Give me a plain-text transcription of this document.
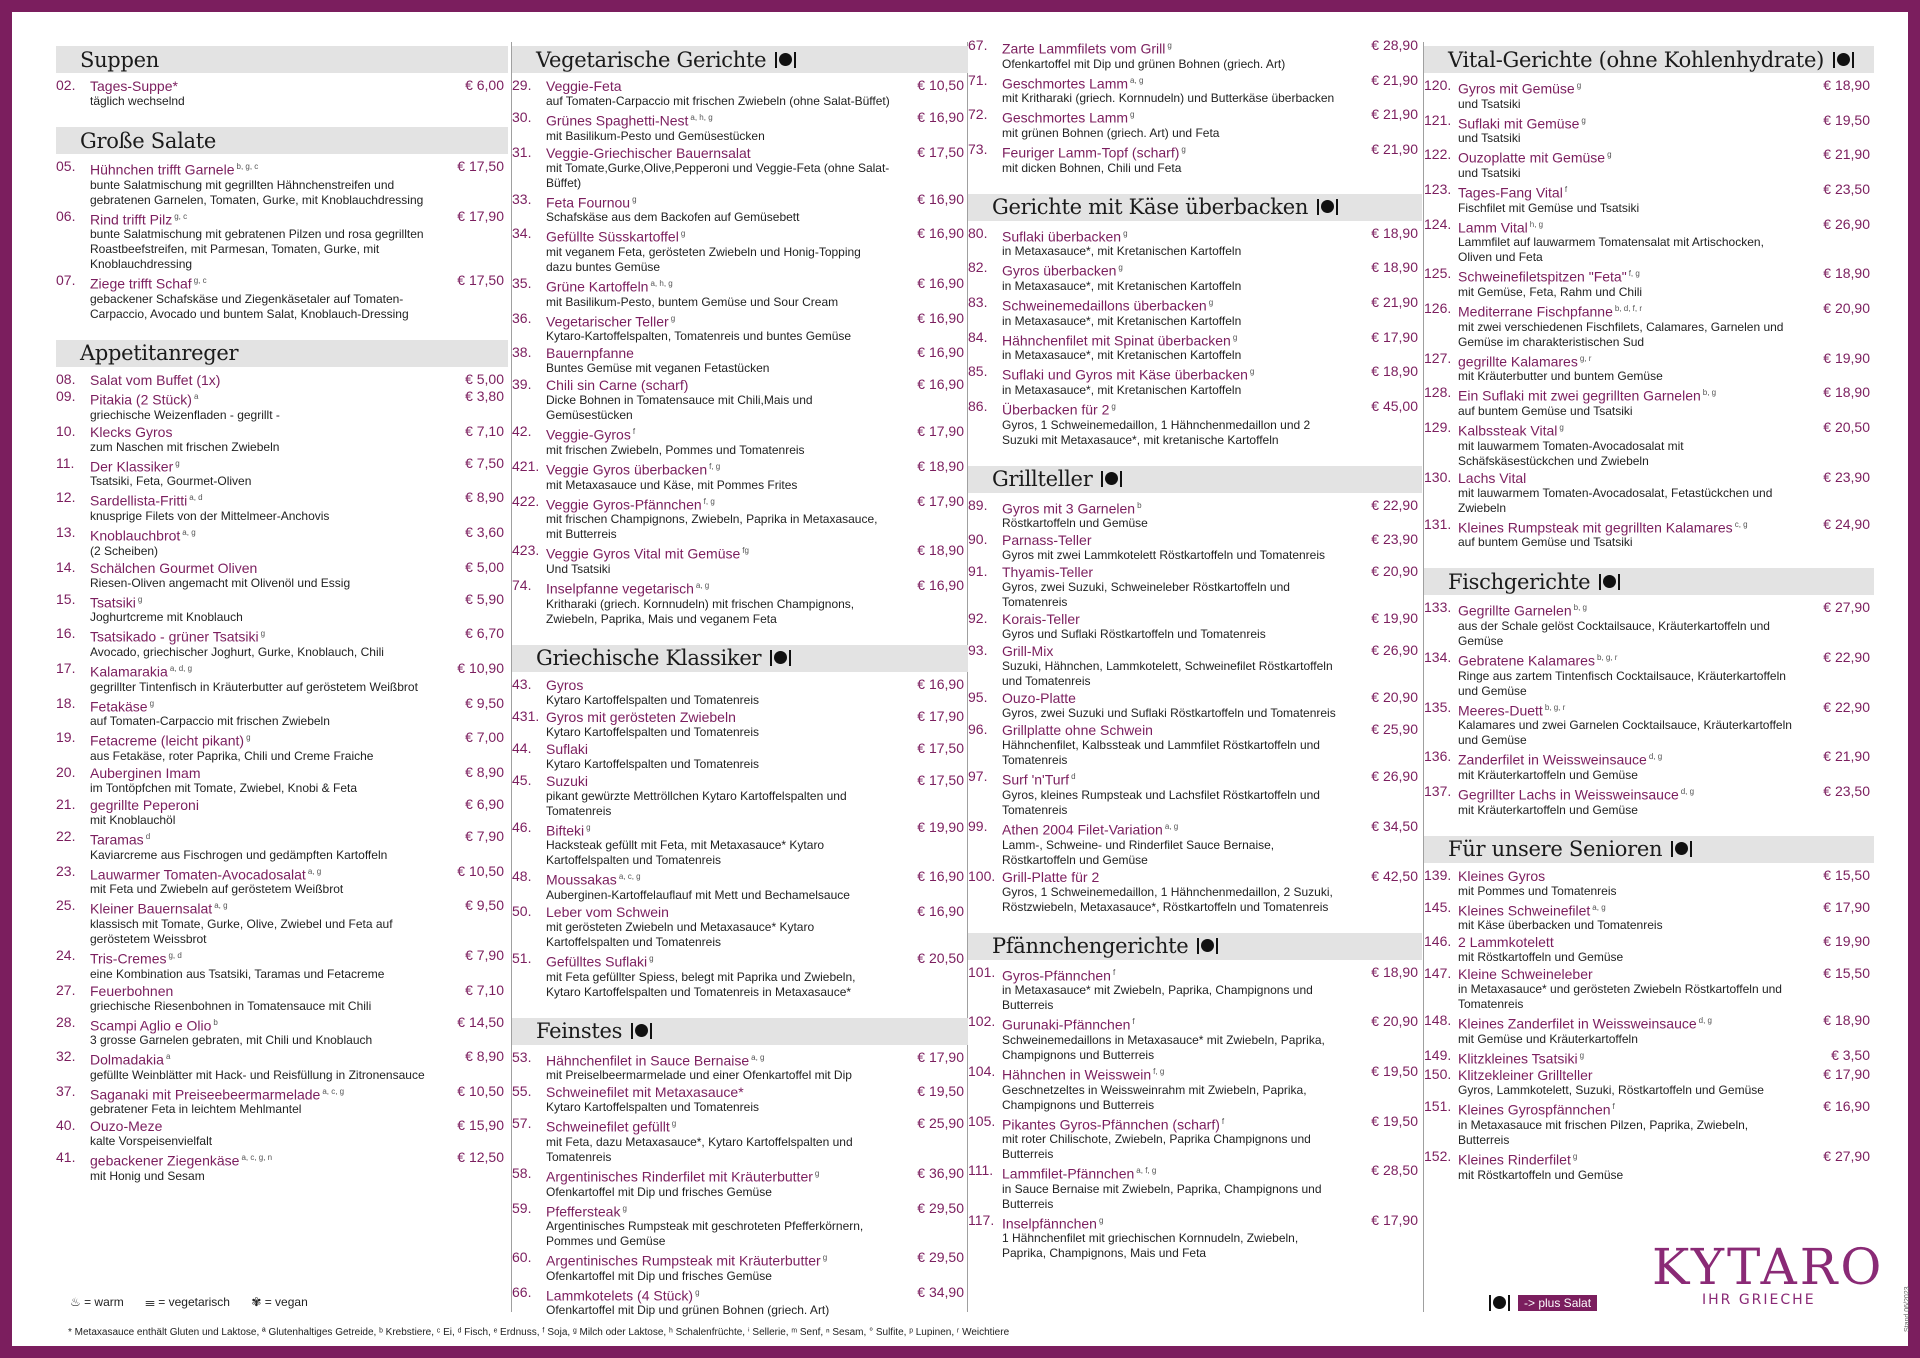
Suppen
02.	Tages-Suppe*
täglich wechselnd
€ 6,00
Große Salate
05.	Hühnchen trifft Garnele $^{b, g, c}$
bunte Salatmischung mit gegrillten Hähnchenstreifen und gebratenen Garnelen, Tomaten, Gurke, mit Knoblauchdressing
€ 17,50
06.	Rind trifft Pilz $^{g, c}$
bunte Salatmischung mit gebratenen Pilzen und rosa gegrillten Roastbeefstreifen, mit Parmesan, Tomaten, Gurke, mit Knoblauchdressing
€ 17,90
07.	Ziege trifft Schaf $^{g, c}$
gebackener Schafskäse und Ziegenkäsetaler auf Tomaten-Carpaccio, Avocado und buntem Salat, Knoblauch-Dressing
€ 17,50
Appetitanreger
08.	Salat vom Buffet (1x)	€ 5,00
09.	Pitakia (2 Stück) $^a$
griechische Weizenfladen - gegrillt -
€ 3,80
10.	Klecks Gyros
zum Naschen mit frischen Zwiebeln
€ 7,10
11.	Der Klassiker $^g$
Tsatsiki, Feta, Gourmet-Oliven
€ 7,50
12.	Sardellista-Fritti $^{a, d}$
knusprige Filets von der Mittelmeer-Anchovis
€ 8,90
13.	Knoblauchbrot $^{a, g}$
(2 Scheiben)
€ 3,60
14.	Schälchen Gourmet Oliven
Riesen-Oliven angemacht mit Olivenöl und Essig
€ 5,00
15.	Tsatsiki $^g$
Joghurtcreme mit Knoblauch
€ 5,90
16.	Tsatsikado - grüner Tsatsiki $^g$
Avocado, griechischer Joghurt, Gurke, Knoblauch, Chili
€ 6,70
17.	Kalamarakia $^{a, d, g}$
gegrillter Tintenfisch in Kräuterbutter auf geröstetem Weißbrot
€ 10,90
18.	Fetakäse $^g$
auf Tomaten-Carpaccio mit frischen Zwiebeln
€ 9,50
19.	Fetacreme (leicht pikant) $^g$
aus Fetakäse, roter Paprika, Chili und Creme Fraiche
€ 7,00
20.	Auberginen Imam
im Tontöpfchen mit Tomate, Zwiebel, Knobi & Feta
€ 8,90
21.	gegrillte Peperoni
mit Knoblauchöl
€ 6,90
22.	Taramas $^d$
Kaviarcreme aus Fischrogen und gedämpften Kartoffeln
€ 7,90
23.	Lauwarmer Tomaten-Avocadosalat $^{a, g}$
mit Feta und Zwiebeln auf geröstetem Weißbrot
€ 10,50
25.	Kleiner Bauernsalat $^{a, g}$
klassisch mit Tomate, Gurke, Olive, Zwiebel und Feta auf geröstetem Weissbrot
€ 9,50
24.	Tris-Cremes $^{g, d}$
eine Kombination aus Tsatsiki, Taramas und Fetacreme
€ 7,90
27.	Feuerbohnen
griechische Riesenbohnen in Tomatensauce mit Chili
€ 7,10
28.	Scampi Aglio e Olio $^b$
3 grosse Garnelen gebraten, mit Chili und Knoblauch
€ 14,50
32.	Dolmadakia $^a$
gefüllte Weinblätter mit Hack- und Reisfüllung in Zitronensauce
€ 8,90
37.	Saganaki mit Preiseebeermarmelade $^{a, c, g}$
gebratener Feta in leichtem Mehlmantel
€ 10,50
40.	Ouzo-Meze
kalte Vorspeisenvielfalt
€ 15,90
41.	gebackener Ziegenkäse $^{a, c, g, n}$
mit Honig und Sesam
€ 12,50
Vegetarische Gerichte
29.	Veggie-Feta
auf Tomaten-Carpaccio mit frischen Zwiebeln (ohne Salat-Büffet)
€ 10,50
30.	Grünes Spaghetti-Nest $^{a, h, g}$
mit Basilikum-Pesto und Gemüsestücken
€ 16,90
31.	Veggie-Griechischer Bauernsalat
mit Tomate,Gurke,Olive,Pepperoni und Veggie-Feta (ohne Salat-Büffet)
€ 17,50
33.	Feta Fournou $^g$
Schafskäse aus dem Backofen auf Gemüsebett
€ 16,90
34.	Gefüllte Süsskartoffel $^g$
mit veganem Feta, gerösteten Zwiebeln und Honig-Topping dazu buntes Gemüse
€ 16,90
35.	Grüne Kartoffeln $^{a, h, g}$
mit Basilikum-Pesto, buntem Gemüse und Sour Cream
€ 16,90
36.	Vegetarischer Teller $^g$
Kytaro-Kartoffelspalten, Tomatenreis und buntes Gemüse
€ 16,90
38.	Bauernpfanne
Buntes Gemüse mit veganen Fetastücken
€ 16,90
39.	Chili sin Carne (scharf)
Dicke Bohnen in Tomatensauce mit Chili,Mais und Gemüsestücken
€ 16,90
42.	Veggie-Gyros $^f$
mit frischen Zwiebeln, Pommes und Tomatenreis
€ 17,90
421. Veggie Gyros überbacken $^{f, g}$
mit Metaxasauce und Käse, mit Pommes Frites
€ 18,90
422. Veggie Gyros-Pfännchen $^{f, g}$
mit frischen Champignons, Zwiebeln, Paprika in Metaxasauce, mit Butterreis
€ 17,90
423. Veggie Gyros Vital mit Gemüse $^{fg}$
Und Tsatsiki
€ 18,90
74.	Inselpfanne vegetarisch $^{a, g}$
Kritharaki (griech. Kornnudeln) mit frischen Champignons, Zwiebeln, Paprika, Mais und veganem Feta
€ 16,90
Griechische Klassiker
43.	Gyros
Kytaro Kartoffelspalten und Tomatenreis
€ 16,90
431. Gyros mit gerösteten Zwiebeln
Kytaro Kartoffelspalten und Tomatenreis
€ 17,90
44.	Suflaki
Kytaro Kartoffelspalten und Tomatenreis
€ 17,50
45.	Suzuki
pikant gewürzte Mettröllchen Kytaro Kartoffelspalten und Tomatenreis
€ 17,50
46.	Bifteki $^g$
Hacksteak gefüllt mit Feta, mit Metaxasauce* Kytaro Kartoffelspalten und Tomatenreis
€ 19,90
48.	Moussakas $^{a, c, g}$
Auberginen-Kartoffelauflauf mit Mett und Bechamelsauce
€ 16,90
50.	Leber vom Schwein
mit gerösteten Zwiebeln und Metaxasauce* Kytaro Kartoffelspalten und Tomatenreis
€ 16,90
51.	Gefülltes Suflaki $^g$
mit Feta gefüllter Spiess, belegt mit Paprika und Zwiebeln, Kytaro Kartoffelspalten und Tomatenreis in Metaxasauce*
€ 20,50
Feinstes
53.	Hähnchenfilet in Sauce Bernaise $^{a, g}$
mit Preiselbeermarmelade und einer Ofenkartoffel mit Dip
€ 17,90
55.	Schweinefilet mit Metaxasauce*
Kytaro Kartoffelspalten und Tomatenreis
€ 19,50
57.	Schweinefilet gefüllt $^g$
mit Feta, dazu Metaxasauce*, Kytaro Kartoffelspalten und Tomatenreis
€ 25,90
58.	Argentinisches Rinderfilet mit Kräuterbutter $^g$
Ofenkartoffel mit Dip und frisches Gemüse
€ 36,90
59.	Pfeffersteak $^g$
Argentinisches Rumpsteak mit geschroteten Pfefferkörnern, Pommes und Gemüse
€ 29,50
60.	Argentinisches Rumpsteak mit Kräuterbutter $^g$
Ofenkartoffel mit Dip und frisches Gemüse
€ 29,50
66.	Lammkotelets (4 Stück) $^g$
Ofenkartoffel mit Dip und grünen Bohnen (griech. Art)
€ 34,90
67.	Zarte Lammfilets vom Grill $^g$
Ofenkartoffel mit Dip und grünen Bohnen (griech. Art)
€ 28,90
71.	Geschmortes Lamm $^{a, g}$
mit Kritharaki (griech. Kornnudeln) und Butterkäse überbacken
€ 21,90
72.	Geschmortes Lamm $^g$
mit grünen Bohnen (griech. Art) und Feta
€ 21,90
73.	Feuriger Lamm-Topf (scharf) $^g$
mit dicken Bohnen, Chili und Feta
€ 21,90
Gerichte mit Käse überbacken
80.	Suflaki überbacken $^g$
in Metaxasauce*, mit Kretanischen Kartoffeln
€ 18,90
82.	Gyros überbacken $^g$
in Metaxasauce*, mit Kretanischen Kartoffeln
€ 18,90
83.	Schweinemedaillons überbacken $^g$
in Metaxasauce*, mit Kretanischen Kartoffeln
€ 21,90
84.	Hähnchenfilet mit Spinat überbacken $^g$
in Metaxasauce*, mit Kretanischen Kartoffeln
€ 17,90
85.	Suflaki und Gyros mit Käse überbacken $^g$
in Metaxasauce*, mit Kretanischen Kartoffeln
€ 18,90
86.	Überbacken für 2 $^g$
Gyros, 1 Schweinemedaillon, 1 Hähnchenmedaillon und 2 Suzuki mit Metaxasauce*, mit kretanische Kartoffeln
€ 45,00
Grillteller
89.	Gyros mit 3 Garnelen $^b$
Röstkartoffeln und Gemüse
€ 22,90
90.	Parnass-Teller
Gyros mit zwei Lammkotelett Röstkartoffeln und Tomatenreis
€ 23,90
91.	Thyamis-Teller
Gyros, zwei Suzuki, Schweineleber Röstkartoffeln und Tomatenreis
€ 20,90
92.	Korais-Teller
Gyros und Suflaki Röstkartoffeln und Tomatenreis
€ 19,90
93.	Grill-Mix
Suzuki, Hähnchen, Lammkotelett, Schweinefilet Röstkartoffeln und Tomatenreis
€ 26,90
95.	Ouzo-Platte
Gyros, zwei Suzuki und Suflaki Röstkartoffeln und Tomatenreis
€ 20,90
96.	Grillplatte ohne Schwein
Hähnchenfilet, Kalbssteak und Lammfilet Röstkartoffeln und Tomatenreis
€ 25,90
97.	Surf 'n'Turf $^d$
Gyros, kleines Rumpsteak und Lachsfilet Röstkartoffeln und Tomatenreis
€ 26,90
99.	Athen 2004 Filet-Variation $^{a, g}$
Lamm-, Schweine- und Rinderfilet Sauce Bernaise, Röstkartoffeln und Gemüse
€ 34,50
100. Grill-Platte für 2
Gyros, 1 Schweinemedaillon, 1 Hähnchenmedaillon, 2 Suzuki, Röstzwiebeln, Metaxasauce*, Röstkartoffeln und Tomatenreis
€ 42,50
Pfännchengerichte
101. Gyros-Pfännchen $^f$
in Metaxasauce* mit Zwiebeln, Paprika, Champignons und Butterreis
€ 18,90
102. Gurunaki-Pfännchen $^f$
Schweinemedaillons in Metaxasauce* mit Zwiebeln, Paprika, Champignons und Butterreis
€ 20,90
104. Hähnchen in Weisswein $^{f, g}$
Geschnetzeltes in Weissweinrahm mit Zwiebeln, Paprika, Champignons und Butterreis
€ 19,50
105. Pikantes Gyros-Pfännchen (scharf) $^f$
mit roter Chilischote, Zwiebeln, Paprika Champignons und Butterreis
€ 19,50
111. Lammfilet-Pfännchen $^{a, f, g}$
in Sauce Bernaise mit Zwiebeln, Paprika, Champignons und Butterreis
€ 28,50
117. Inselpfännchen $^g$
1 Hähnchenfilet mit griechischen Kornnudeln, Zwiebeln, Paprika, Champignons, Mais und Feta
€ 17,90
Vital-Gerichte (ohne Kohlenhydrate)
120. Gyros mit Gemüse $^g$
und Tsatsiki
€ 18,90
121. Suflaki mit Gemüse $^g$
und Tsatsiki
€ 19,50
122. Ouzoplatte mit Gemüse $^g$
und Tsatsiki
€ 21,90
123. Tages-Fang Vital $^f$
Fischfilet mit Gemüse und Tsatsiki
€ 23,50
124. Lamm Vital $^{h, g}$
Lammfilet auf lauwarmem Tomatensalat mit Artischocken, Oliven und Feta
€ 26,90
125. Schweinefiletspitzen "Feta" $^{f, g}$
mit Gemüse, Feta, Rahm und Chili
€ 18,90
126. Mediterrane Fischpfanne $^{b, d, f, r}$
mit zwei verschiedenen Fischfilets, Calamares, Garnelen und Gemüse im charakteristischen Sud
€ 20,90
127. gegrillte Kalamares $^{g, r}$
mit Kräuterbutter und buntem Gemüse
€ 19,90
128. Ein Suflaki mit zwei gegrillten Garnelen $^{b, g}$
auf buntem Gemüse und Tsatsiki
€ 18,90
129. Kalbssteak Vital $^g$
mit lauwarmem Tomaten-Avocadosalat mit Schäfskäsestückchen und Zwiebeln
€ 20,50
130. Lachs Vital
mit lauwarmem Tomaten-Avocadosalat, Fetastückchen und Zwiebeln
€ 23,90
131. Kleines Rumpsteak mit gegrillten Kalamares $^{c, g}$
auf buntem Gemüse und Tsatsiki
€ 24,90
Fischgerichte
133. Gegrillte Garnelen $^{b, g}$
aus der Schale gelöst Cocktailsauce, Kräuterkartoffeln und Gemüse
€ 27,90
134. Gebratene Kalamares $^{b, g, r}$
Ringe aus zartem Tintenfisch Cocktailsauce, Kräuterkartoffeln und Gemüse
€ 22,90
135. Meeres-Duett $^{b, g, r}$
Kalamares und zwei Garnelen Cocktailsauce, Kräuterkartoffeln und Gemüse
€ 22,90
136. Zanderfilet in Weissweinsauce $^{d, g}$
mit Kräuterkartoffeln und Gemüse
€ 21,90
137. Gegrillter Lachs in Weissweinsauce $^{d, g}$
mit Kräuterkartoffeln und Gemüse
€ 23,50
Für unsere Senioren
139. Kleines Gyros
mit Pommes und Tomatenreis
€ 15,50
145. Kleines Schweinefilet $^{a, g}$
mit Käse überbacken und Tomatenreis
€ 17,90
146. 2 Lammkotelett
mit Röstkartoffeln und Gemüse
€ 19,90
147. Kleine Schweineleber
in Metaxasauce* und gerösteten Zwiebeln Röstkartoffeln und Tomatenreis
€ 15,50
148. Kleines Zanderfilet in Weissweinsauce $^{d, g}$
mit Gemüse und Kräuterkartoffeln
€ 18,90
149. Klitzkleines Tsatsiki $^g$	€ 3,50
150. Klitzekleiner Grillteller
Gyros, Lammkotelett, Suzuki, Röstkartoffeln und Gemüse
€ 17,90
151. Kleines Gyrospfännchen $^f$
in Metaxasauce mit frischen Pilzen, Paprika, Zwiebeln, Butterreis
€ 16,90
152. Kleines Rinderfilet $^g$
mit Röstkartoffeln und Gemüse
€ 27,90
♨ = warm 𝍢 = vegetarisch ✾ = vegan
* Metaxasauce enthält Gluten und Laktose, ª Glutenhaltiges Getreide, ᵇ Krebstiere, ᶜ Ei, ᵈ Fisch, ᵉ Erdnuss, ᶠ Soja, ᵍ Milch oder Laktose, ʰ Schalenfrüchte, ⁱ Sellerie, ᵐ Senf, ⁿ Sesam, ° Sulfite, ᵖ Lupinen, ʳ Weichtiere
-> plus Salat
KYTARO
IHR GRIECHE	Stand 06/2023
